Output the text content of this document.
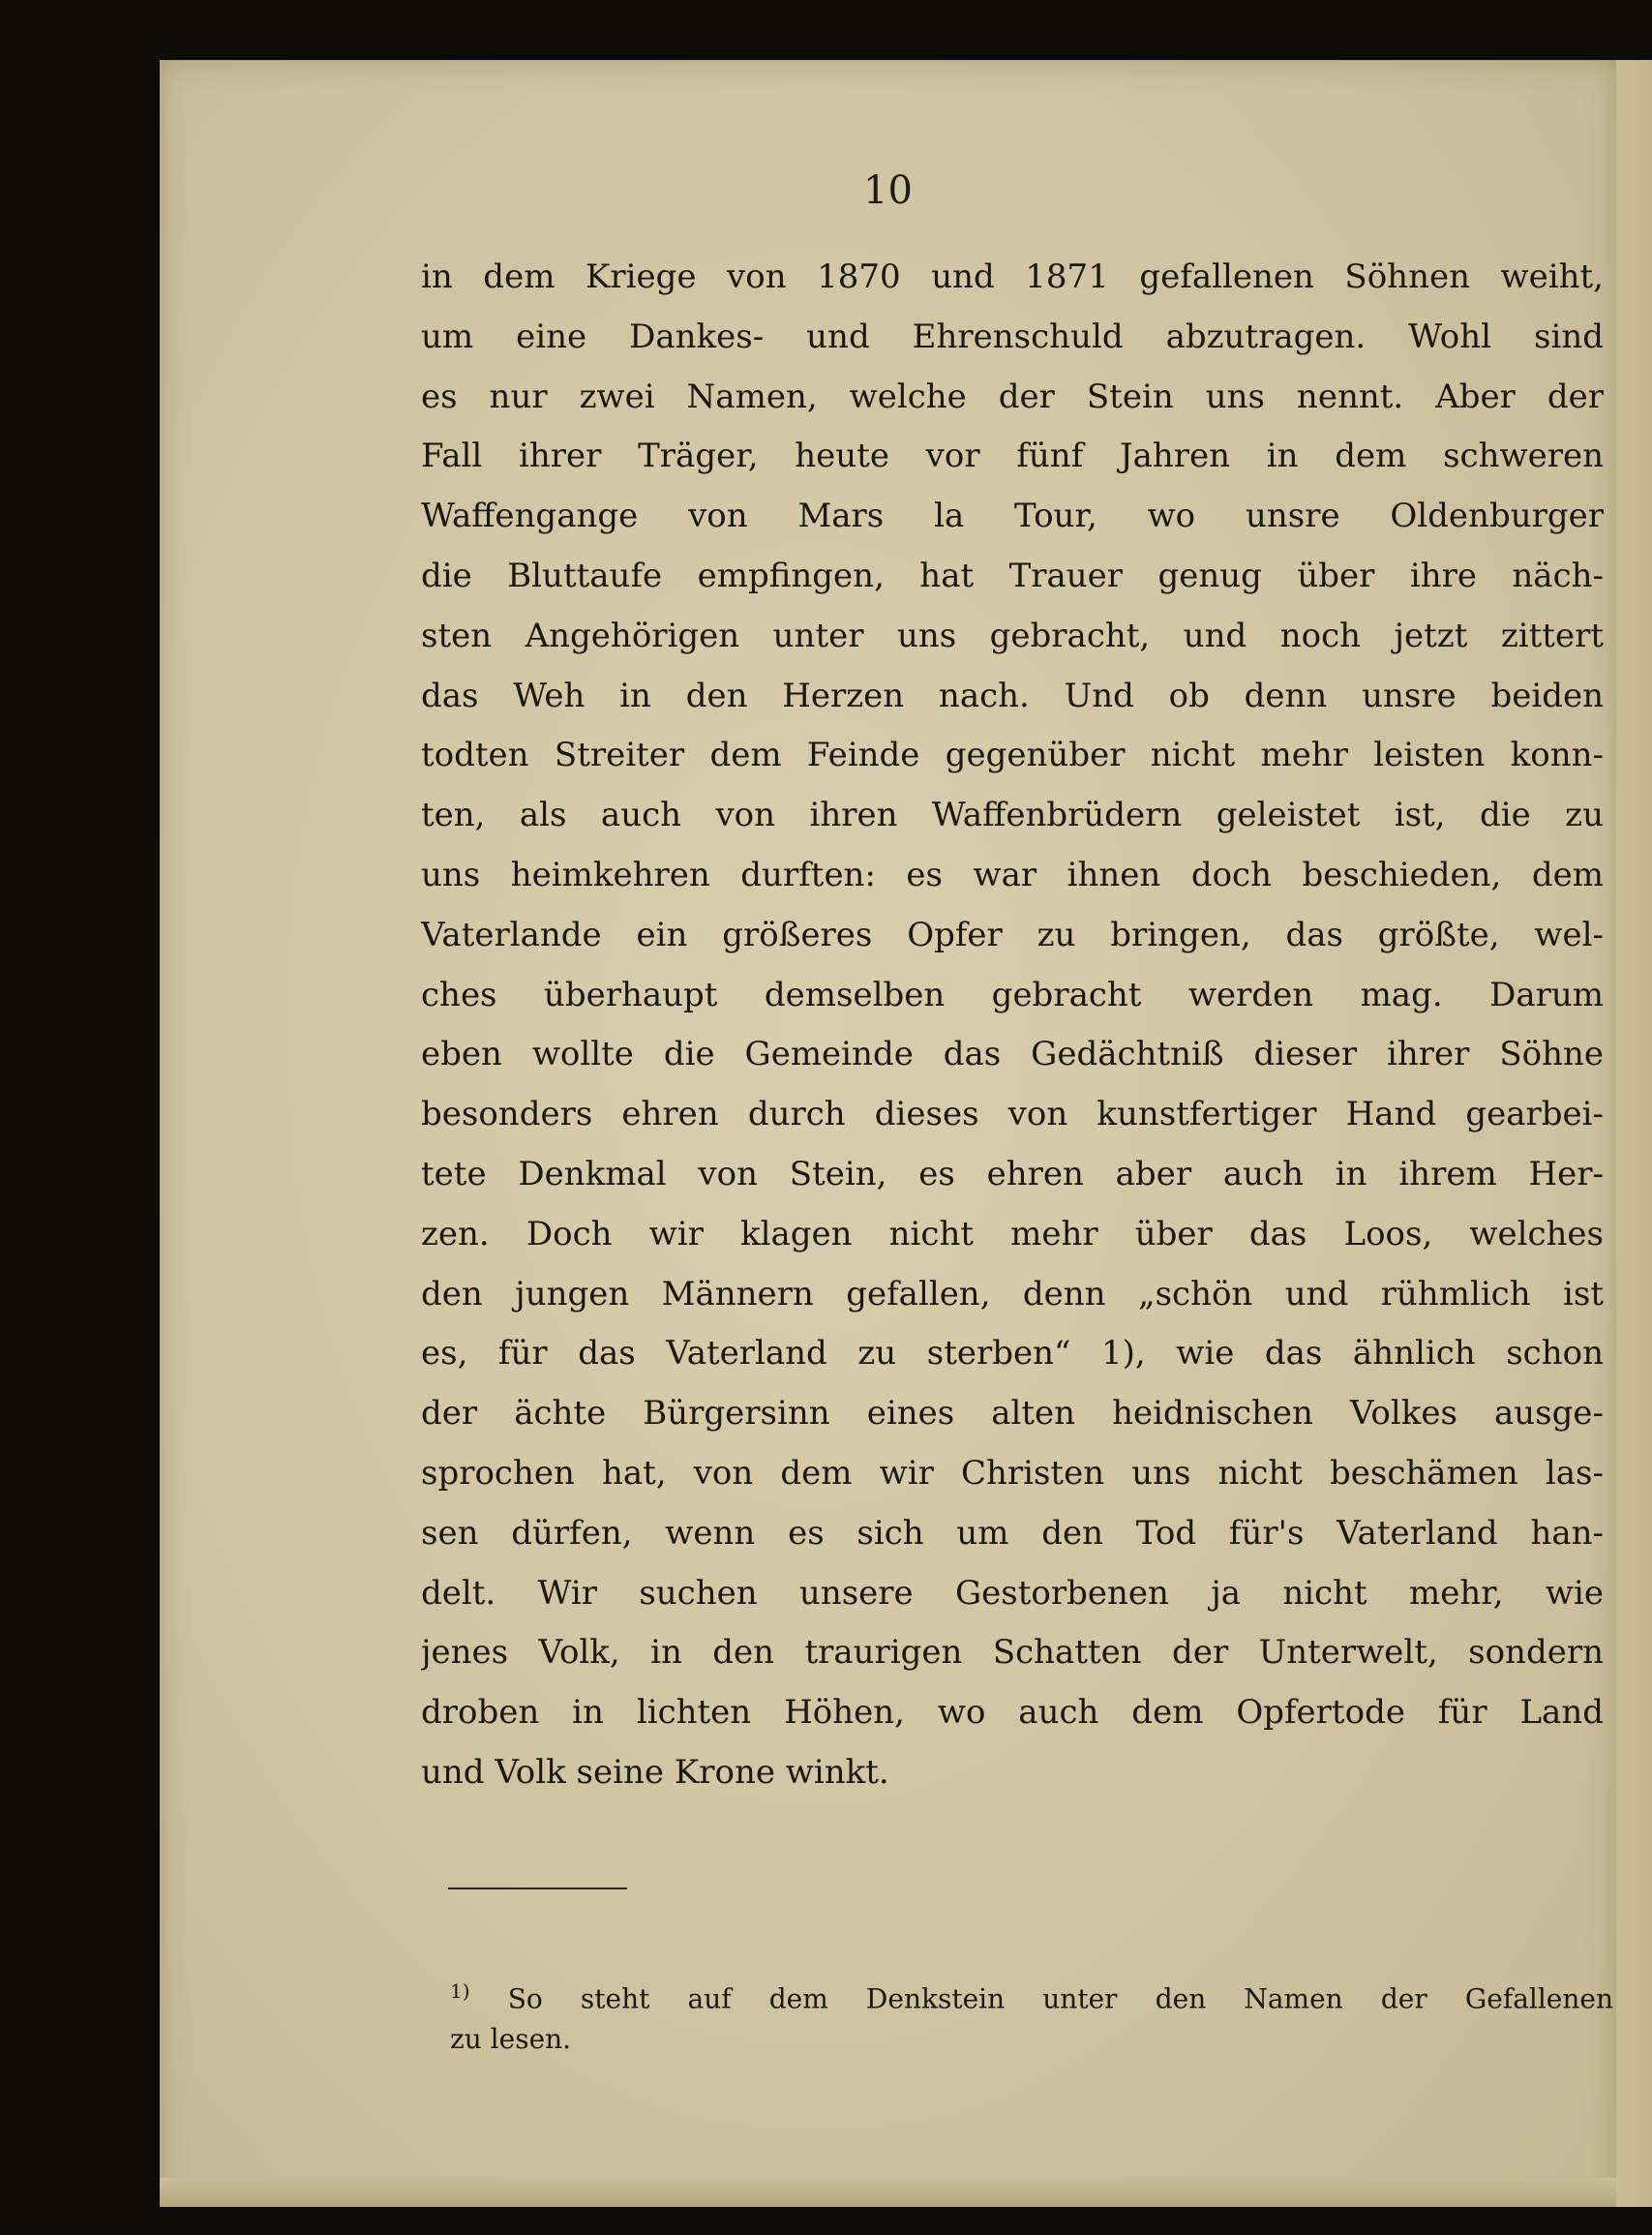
10
in dem Kriege von 1870 und 1871 gefallenen Söhnen weiht,
um eine Dankes- und Ehrenschuld abzutragen. Wohl sind
es nur zwei Namen, welche der Stein uns nennt. Aber der
Fall ihrer Träger, heute vor fünf Jahren in dem schweren
Waffengange von Mars la Tour, wo unsre Oldenburger
die Bluttaufe empfingen, hat Trauer genug über ihre näch-
sten Angehörigen unter uns gebracht, und noch jetzt zittert
das Weh in den Herzen nach. Und ob denn unsre beiden
todten Streiter dem Feinde gegenüber nicht mehr leisten konn-
ten, als auch von ihren Waffenbrüdern geleistet ist, die zu
uns heimkehren durften: es war ihnen doch beschieden, dem
Vaterlande ein größeres Opfer zu bringen, das größte, wel-
ches überhaupt demselben gebracht werden mag. Darum
eben wollte die Gemeinde das Gedächtniß dieser ihrer Söhne
besonders ehren durch dieses von kunstfertiger Hand gearbei-
tete Denkmal von Stein, es ehren aber auch in ihrem Her-
zen. Doch wir klagen nicht mehr über das Loos, welches
den jungen Männern gefallen, denn „schön und rühmlich ist
es, für das Vaterland zu sterben“ 1), wie das ähnlich schon
der ächte Bürgersinn eines alten heidnischen Volkes ausge-
sprochen hat, von dem wir Christen uns nicht beschämen las-
sen dürfen, wenn es sich um den Tod für's Vaterland han-
delt. Wir suchen unsere Gestorbenen ja nicht mehr, wie
jenes Volk, in den traurigen Schatten der Unterwelt, sondern
droben in lichten Höhen, wo auch dem Opfertode für Land
und Volk seine Krone winkt.
$^{1)}$ So steht auf dem Denkstein unter den Namen der Gefallenen
zu lesen.
